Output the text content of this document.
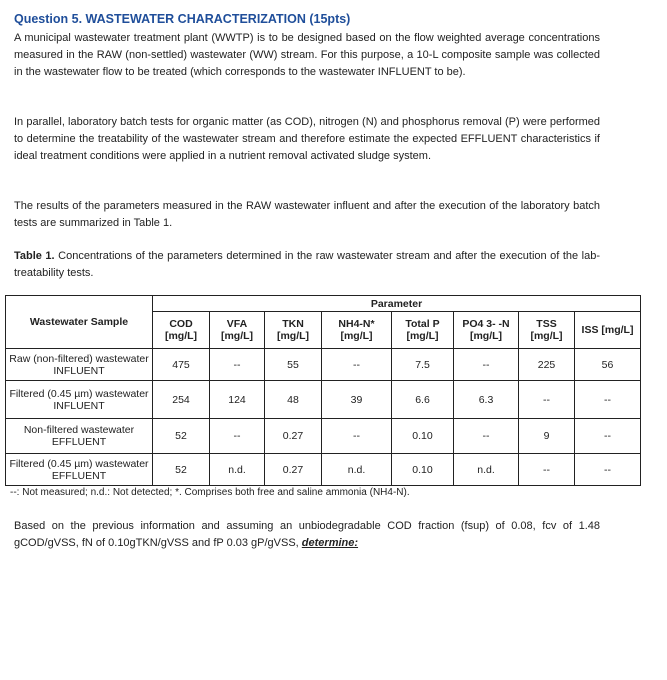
Question 5. WASTEWATER CHARACTERIZATION (15pts)
A municipal wastewater treatment plant (WWTP) is to be designed based on the flow weighted average concentrations measured in the RAW (non-settled) wastewater (WW) stream. For this purpose, a 10-L composite sample was collected in the wastewater flow to be treated (which corresponds to the wastewater INFLUENT to be).
In parallel, laboratory batch tests for organic matter (as COD), nitrogen (N) and phosphorus removal (P) were performed to determine the treatability of the wastewater stream and therefore estimate the expected EFFLUENT characteristics if ideal treatment conditions were applied in a nutrient removal activated sludge system.
The results of the parameters measured in the RAW wastewater influent and after the execution of the laboratory batch tests are summarized in Table 1.
Table 1. Concentrations of the parameters determined in the raw wastewater stream and after the execution of the lab-treatability tests.
Wastewater Sample	Parameter							
	COD [mg/L]	VFA [mg/L]	TKN [mg/L]	NH4-N* [mg/L]	Total P [mg/L]	PO4 3- -N [mg/L]	TSS [mg/L]	ISS [mg/L]
Raw (non-filtered) wastewater INFLUENT	475	--	55	--	7.5	--	225	56
Filtered (0.45 µm) wastewater INFLUENT	254	124	48	39	6.6	6.3	--	--
Non-filtered wastewater EFFLUENT	52	--	0.27	--	0.10	--	9	--
Filtered (0.45 µm) wastewater EFFLUENT	52	n.d.	0.27	n.d.	0.10	n.d.	--	--
--: Not measured; n.d.: Not detected; *. Comprises both free and saline ammonia (NH4-N).
Based on the previous information and assuming an unbiodegradable COD fraction (fsup) of 0.08, fcv of 1.48 gCOD/gVSS, fN of 0.10gTKN/gVSS and fP 0.03 gP/gVSS, determine:
